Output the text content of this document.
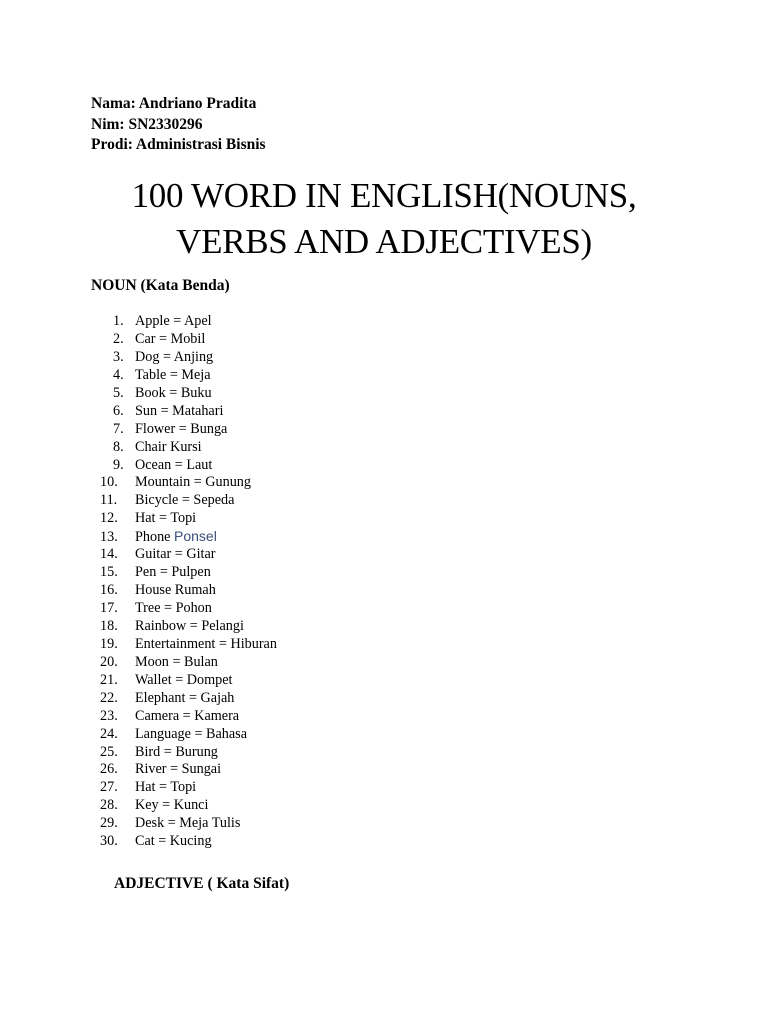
Nama: Andriano Pradita
Nim: SN2330296
Prodi: Administrasi Bisnis
100 WORD IN ENGLISH(NOUNS,
VERBS AND ADJECTIVES)
NOUN (Kata Benda)
1. Apple = Apel
2. Car = Mobil
3. Dog = Anjing
4. Table = Meja
5. Book = Buku
6. Sun = Matahari
7. Flower = Bunga
8. Chair Kursi
9. Ocean = Laut
10. Mountain = Gunung
11. Bicycle = Sepeda
12. Hat = Topi
13. Phone Ponsel
14. Guitar = Gitar
15. Pen = Pulpen
16. House Rumah
17. Tree = Pohon
18. Rainbow = Pelangi
19. Entertainment = Hiburan
20. Moon = Bulan
21. Wallet = Dompet
22. Elephant = Gajah
23. Camera = Kamera
24. Language = Bahasa
25. Bird = Burung
26. River = Sungai
27. Hat = Topi
28. Key = Kunci
29. Desk = Meja Tulis
30. Cat = Kucing
ADJECTIVE ( Kata Sifat)
